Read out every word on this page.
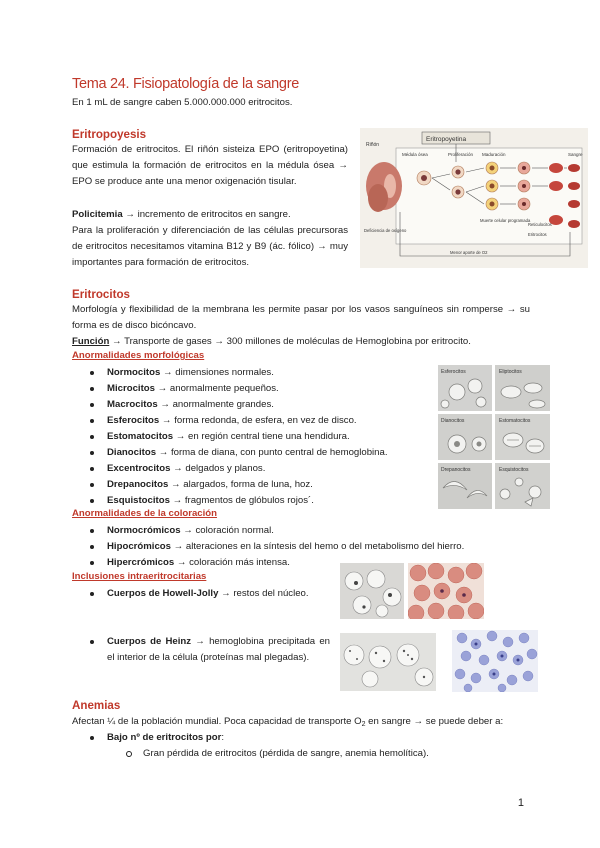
Tema 24. Fisiopatología de la sangre
En 1 mL de sangre caben 5.000.000.000 eritrocitos.
Eritropoyesis
Formación de eritrocitos. El riñón sisteiza EPO (eritropoyetina) que estimula la formación de eritrocitos en la médula ósea → EPO se produce ante una menor oxigenación tisular.
Policitemia → incremento de eritrocitos en sangre.
Para la proliferación y diferenciación de las células precursoras de eritrocitos necesitamos vitamina B12 y B9 (ác. fólico) → muy importantes para formación de eritrocitos.
Eritropoyetina
Riñón
Médula ósea	Proliferación Maduración	Sangre
Muerte celular programada
Reticulocitos
Eritrocitos
Deficiencia de oxígeno
Menor aporte de O2
Eritrocitos
Morfología y flexibilidad de la membrana les permite pasar por los vasos sanguíneos sin romperse → su forma es de disco bicóncavo.
Función → Transporte de gases → 300 millones de moléculas de Hemoglobina por eritrocito.
Anormalidades morfológicas
Normocitos → dimensiones normales.
Microcitos → anormalmente pequeños.
Macrocitos → anormalmente grandes.
Esferocitos → forma redonda, de esfera, en vez de disco.
Estomatocitos → en región central tiene una hendidura.
Dianocitos → forma de diana, con punto central de hemoglobina.
Excentrocitos → delgados y planos.
Drepanocitos → alargados, forma de luna, hoz.
Esquistocitos → fragmentos de glóbulos rojos´.
Esferocitos	Eliptocitos
Dianocitos	Estomatocitos
Drepanocitos	Esquistocitos
Anormalidades de la coloración
Normocrómicos → coloración normal.
Hipocrómicos → alteraciones en la síntesis del hemo o del metabolismo del hierro.
Hipercrómicos → coloración más intensa.
Inclusiones intraeritrocitarias
Cuerpos de Howell-Jolly → restos del núcleo.
Cuerpos de Heinz → hemoglobina precipitada en el interior de la célula (proteínas mal plegadas).
Anemias
Afectan ¼ de la población mundial. Poca capacidad de transporte $O_2$ en sangre → se puede deber a:
Bajo nº de eritrocitos por:
Gran pérdida de eritrocitos (pérdida de sangre, anemia hemolítica).
1
